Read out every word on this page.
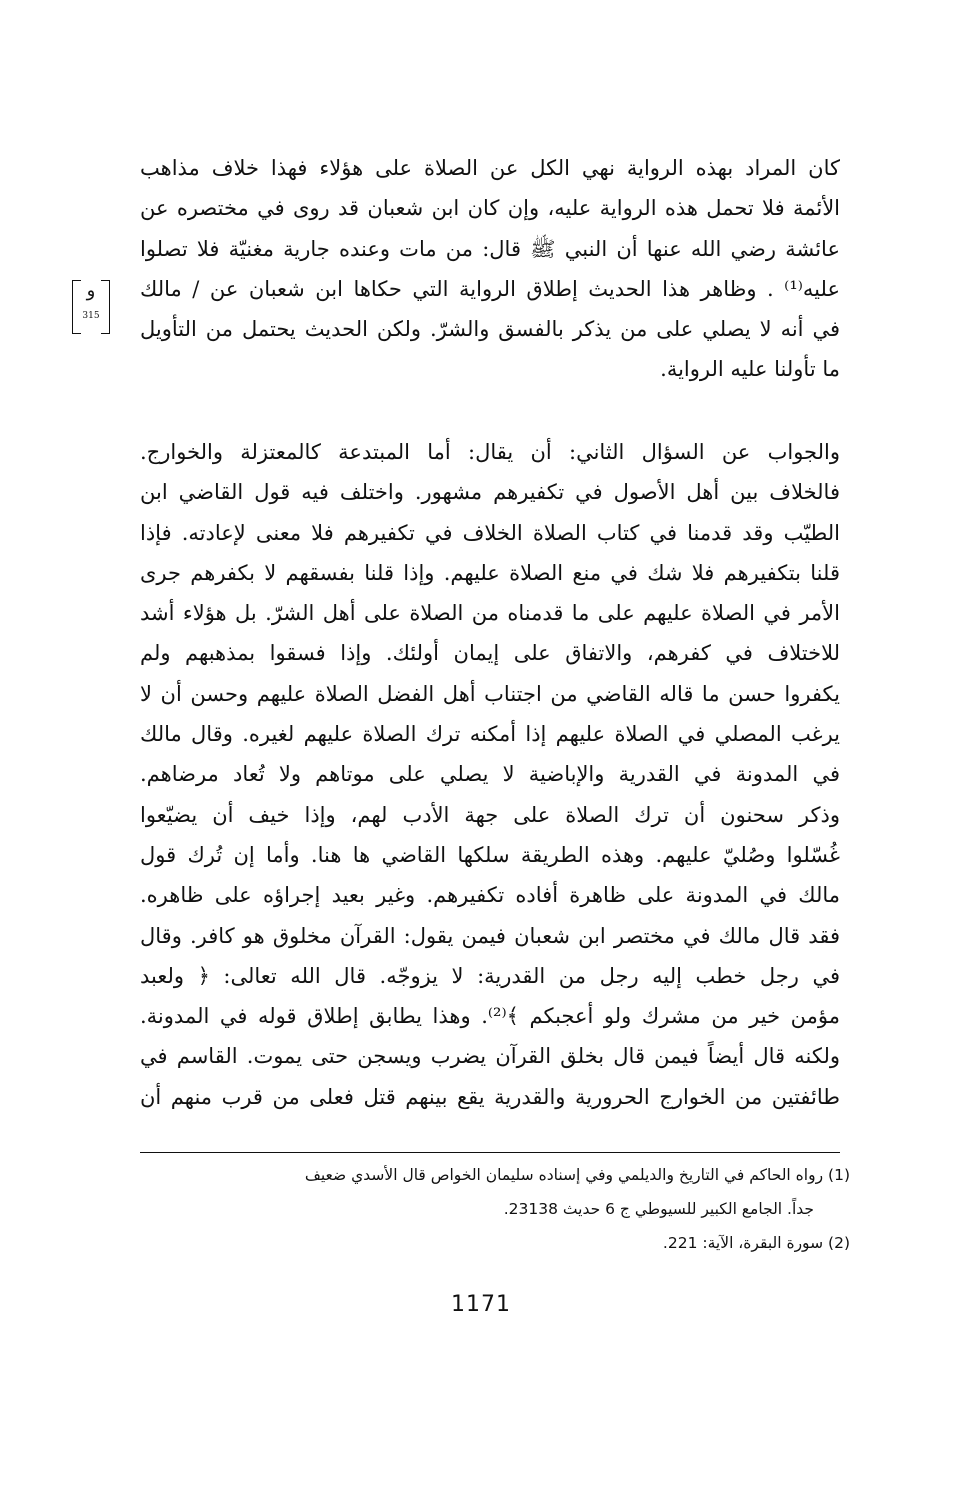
كان المراد بهذه الرواية نهي الكل عن الصلاة على هؤلاء فهذا خلاف مذاهب
الأئمة فلا تحمل هذه الرواية عليه، وإن كان ابن شعبان قد روى في مختصره عن
عائشة رضي الله عنها أن النبي ﷺ قال: من مات وعنده جارية مغنيّة فلا تصلوا
عليه⁽¹⁾ . وظاهر هذا الحديث إطلاق الرواية التي حكاها ابن شعبان عن / مالك
في أنه لا يصلي على من يذكر بالفسق والشرّ. ولكن الحديث يحتمل من التأويل
ما تأولنا عليه الرواية.
و
315
والجواب عن السؤال الثاني: أن يقال: أما المبتدعة كالمعتزلة والخوارج.
فالخلاف بين أهل الأصول في تكفيرهم مشهور. واختلف فيه قول القاضي ابن
الطيّب وقد قدمنا في كتاب الصلاة الخلاف في تكفيرهم فلا معنى لإعادته. فإذا
قلنا بتكفيرهم فلا شك في منع الصلاة عليهم. وإذا قلنا بفسقهم لا بكفرهم جرى
الأمر في الصلاة عليهم على ما قدمناه من الصلاة على أهل الشرّ. بل هؤلاء أشد
للاختلاف في كفرهم، والاتفاق على إيمان أولئك. وإذا فسقوا بمذهبهم ولم
يكفروا حسن ما قاله القاضي من اجتناب أهل الفضل الصلاة عليهم وحسن أن لا
يرغب المصلي في الصلاة عليهم إذا أمكنه ترك الصلاة عليهم لغيره. وقال مالك
في المدونة في القدرية والإباضية لا يصلي على موتاهم ولا تُعاد مرضاهم.
وذكر سحنون أن ترك الصلاة على جهة الأدب لهم، وإذا خيف أن يضيّعوا
غُسّلوا وصُليّ عليهم. وهذه الطريقة سلكها القاضي ها هنا. وأما إن تُرك قول
مالك في المدونة على ظاهرة أفاده تكفيرهم. وغير بعيد إجراؤه على ظاهره.
فقد قال مالك في مختصر ابن شعبان فيمن يقول: القرآن مخلوق هو كافر. وقال
في رجل خطب إليه رجل من القدرية: لا يزوجّه. قال الله تعالى: ﴿ ولعبد
مؤمن خير من مشرك ولو أعجبكم ﴾⁽²⁾. وهذا يطابق إطلاق قوله في المدونة.
ولكنه قال أيضاً فيمن قال بخلق القرآن يضرب ويسجن حتى يموت. القاسم في
طائفتين من الخوارج الحرورية والقدرية يقع بينهم قتل فعلى من قرب منهم أن
(1) رواه الحاكم في التاريخ والديلمي وفي إسناده سليمان الخواص قال الأسدي ضعيف
جداً. الجامع الكبير للسيوطي ج 6 حديث 23138.
(2) سورة البقرة، الآية: 221.
1171
